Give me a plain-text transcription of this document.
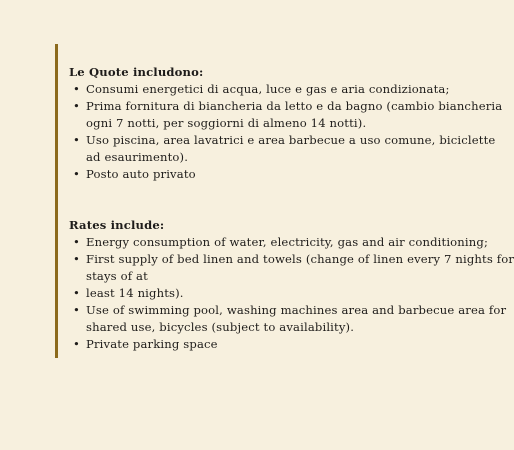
Le Quote includono:

• Consumi energetici di acqua, luce e gas e aria condizionata;
• Prima fornitura di biancheria da letto e da bagno (cambio biancheria
ogni 7 notti, per soggiorni di almeno 14 notti).
• Uso piscina, area lavatrici e area barbecue a uso comune, biciclette
ad esaurimento).
• Posto auto privato

Rates include:

• Energy consumption of water, electricity, gas and air conditioning;
• First supply of bed linen and towels (change of linen every 7 nights for
stays of at
• least 14 nights).
• Use of swimming pool, washing machines area and barbecue area for
shared use, bicycles (subject to availability).
• Private parking space
